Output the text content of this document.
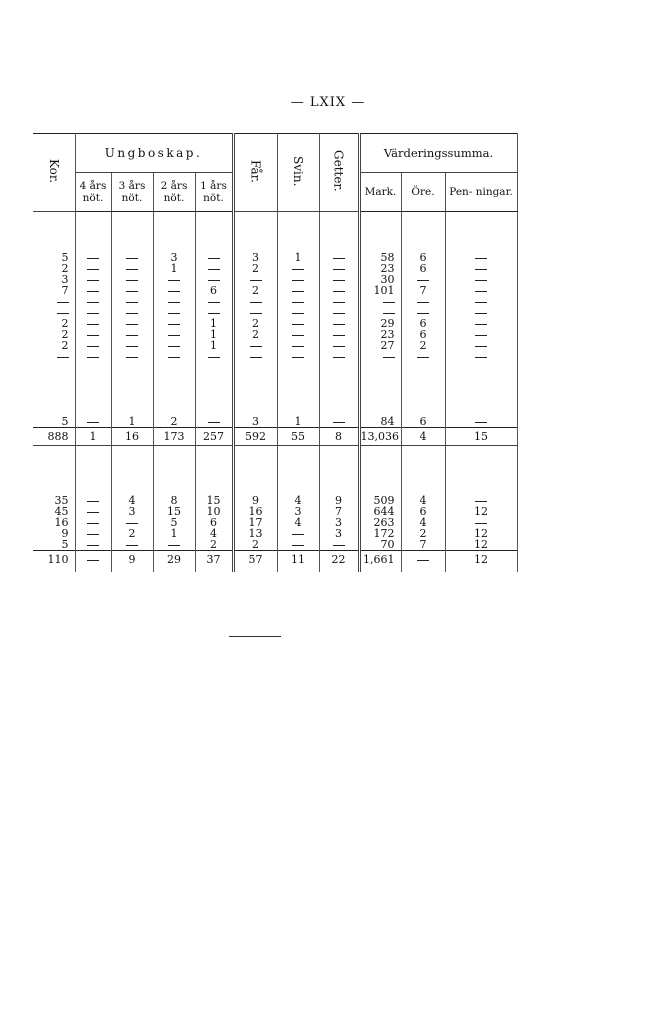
— LXIX —
Kor.	Ungboskap.				Får.	Svin.	Getter.	Värderingssumma.	
	4 års nöt.	3 års nöt.	2 års nöt.	1 års nöt.				Mark.	Öre.	Pen- ningar.

5			3		3	1		58	6	
2			1		2			23	6	
3								30		
7				6	2			101	7	

2				1	2			29	6	
2				1	2			23	6	
2				1				27	2	

5		1	2		3	1		84	6	
888	1	16	173	257	592	55	8	13,036	4	15

35		4	8	15	9	4	9	509	4	
45		3	15	10	16	3	7	644	6	12
16			5	6	17	4	3	263	4	
9		2	1	4	13		3	172	2	12
5				2	2			70	7	12
110		9	29	37	57	11	22	1,661		12
